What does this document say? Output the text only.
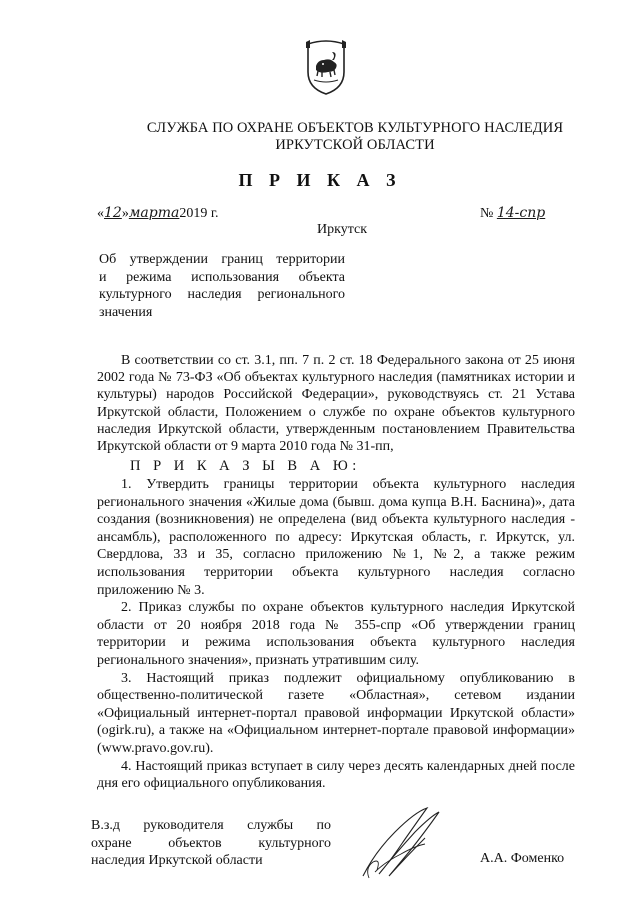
СЛУЖБА ПО ОХРАНЕ ОБЪЕКТОВ КУЛЬТУРНОГО НАСЛЕДИЯ
ИРКУТСКОЙ ОБЛАСТИ
П Р И К А З
«12»марта2019 г.
Иркутск
№ 14-спр
Об утверждении границ территории
и режима использования объекта
культурного наследия регионального
значения

В соответствии со ст. 3.1, пп. 7 п. 2 ст. 18 Федерального закона от 25 июня 2002 года № 73-ФЗ «Об объектах культурного наследия (памятниках истории и культуры) народов Российской Федерации», руководствуясь ст. 21 Устава Иркутской области, Положением о службе по охране объектов культурного наследия Иркутской области, утвержденным постановлением Правительства Иркутской области от 9 марта 2010 года № 31-пп,

П Р И К А З Ы В А Ю:

1. Утвердить границы территории объекта культурного наследия регионального значения «Жилые дома (бывш. дома купца В.Н. Баснина)», дата создания (возникновения) не определена (вид объекта культурного наследия - ансамбль), расположенного по адресу: Иркутская область, г. Иркутск, ул. Свердлова, 33 и 35, согласно приложению №1, №2, а также режим использования территории объекта культурного наследия согласно приложению № 3.

2. Приказ службы по охране объектов культурного наследия Иркутской области от 20 ноября 2018 года № 355-спр «Об утверждении границ территории и режима использования объекта культурного наследия регионального значения», признать утратившим силу.

3. Настоящий приказ подлежит официальному опубликованию в общественно-политической газете «Областная», сетевом издании «Официальный интернет-портал правовой информации Иркутской области» (ogirk.ru), а также на «Официальном интернет-портале правовой информации» (www.pravo.gov.ru).

4. Настоящий приказ вступает в силу через десять календарных дней после дня его официального опубликования.

В.з.д руководителя службы по
охране объектов культурного
наследия Иркутской области	А.А. Фоменко
